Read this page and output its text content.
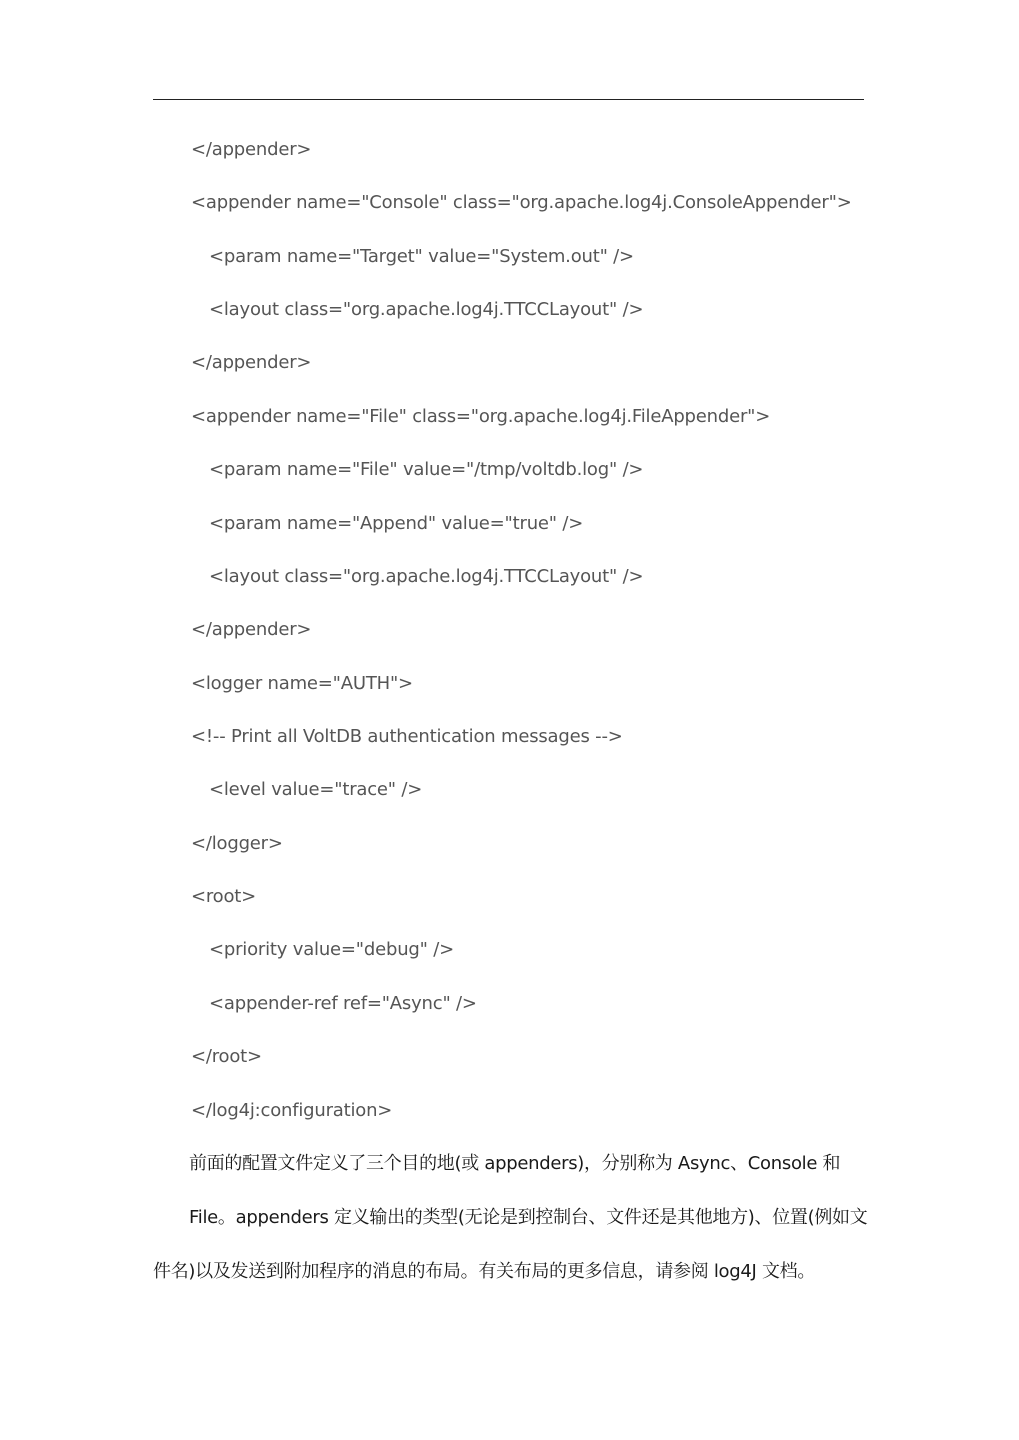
</appender>
<appender name="Console" class="org.apache.log4j.ConsoleAppender">
<param name="Target" value="System.out" />
<layout class="org.apache.log4j.TTCCLayout" />
</appender>
<appender name="File" class="org.apache.log4j.FileAppender">
<param name="File" value="/tmp/voltdb.log" />
<param name="Append" value="true" />
<layout class="org.apache.log4j.TTCCLayout" />
</appender>
<logger name="AUTH">
<!-- Print all VoltDB authentication messages -->
<level value="trace" />
</logger>
<root>
<priority value="debug" />
<appender-ref ref="Async" />
</root>
</log4j:configuration>
前面的配置文件定义了三个目的地(或 appenders)，分别称为 Async、Console 和
File。appenders 定义输出的类型(无论是到控制台、文件还是其他地方)、位置(例如文
件名)以及发送到附加程序的消息的布局。有关布局的更多信息，请参阅 log4J 文档。
